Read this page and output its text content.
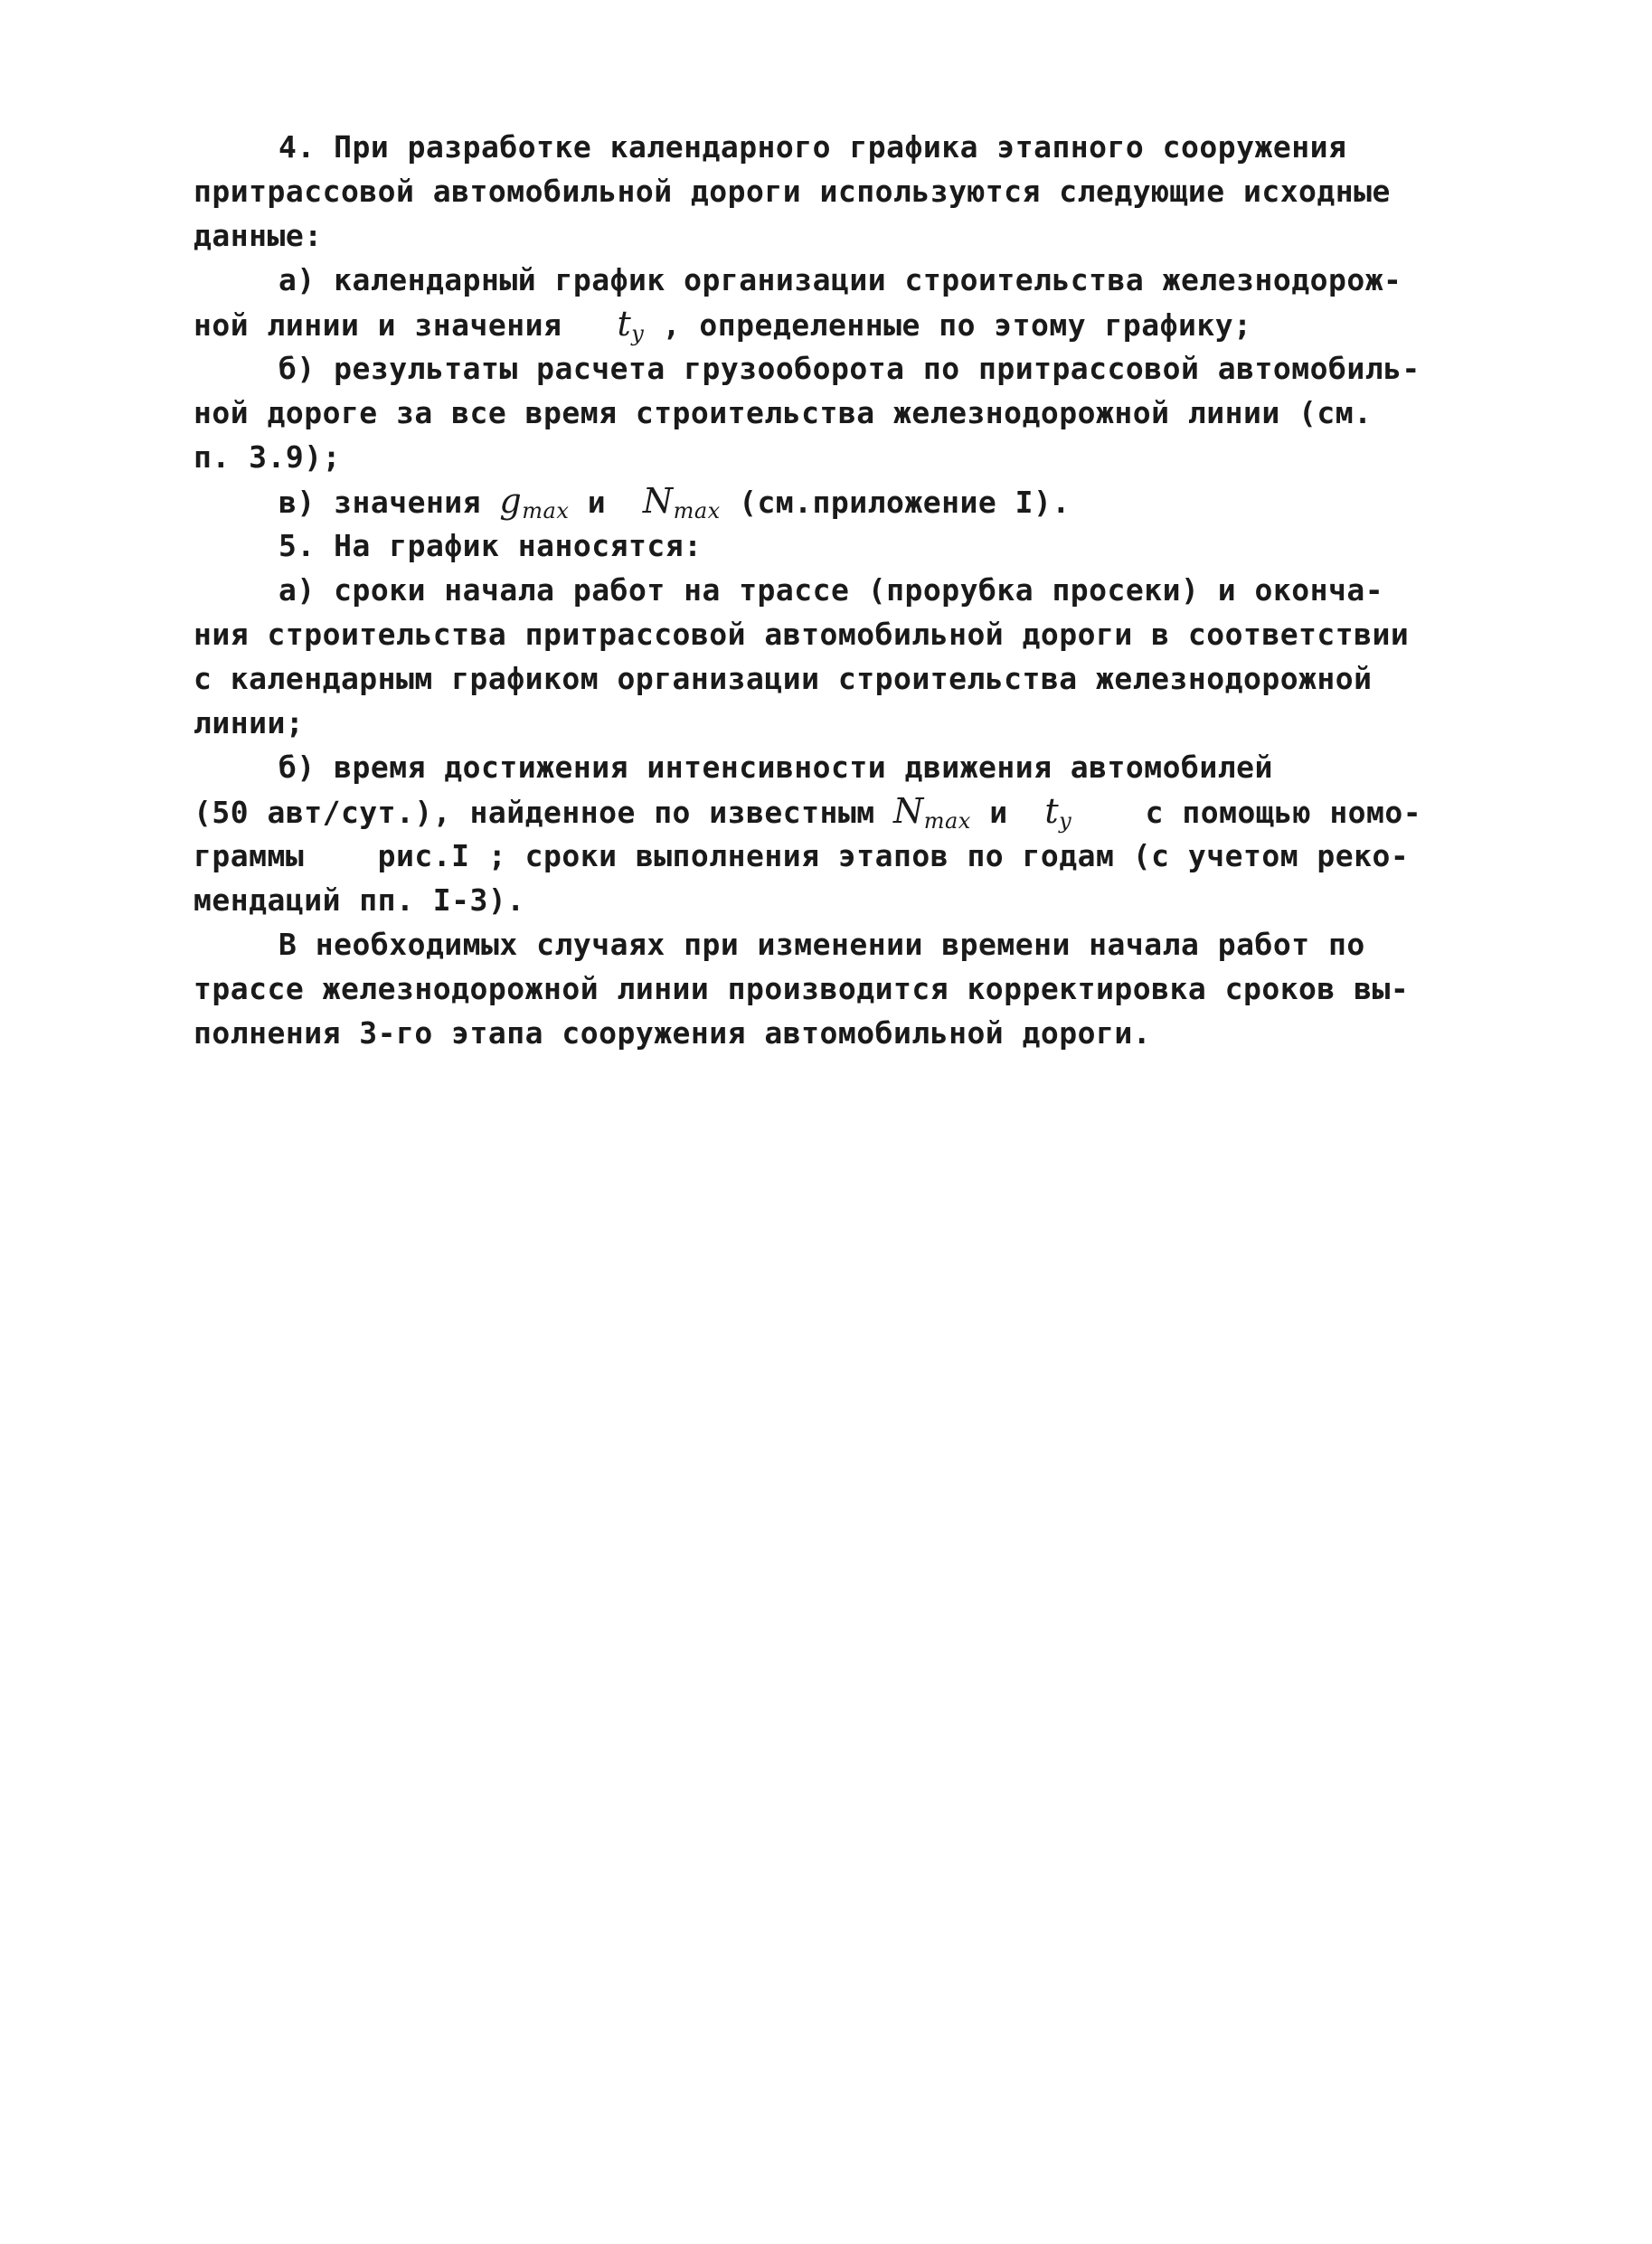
4. При разработке календарного графика этапного сооружения
притрассовой автомобильной дороги используются следующие исходные
данные:
а) календарный график организации строительства железнодорож-
ной линии и значения   $t_y$ , определенные по этому графику;
б) результаты расчета грузооборота по притрассовой автомобиль-
ной дороге за все время строительства железнодорожной линии (см.
п. 3.9);
в) значения $g_{max}$ и  $N_{max}$ (см.приложение I).
5. На график наносятся:
а) сроки начала работ на трассе (прорубка просеки) и оконча-
ния строительства притрассовой автомобильной дороги в соответствии
с календарным графиком организации строительства железнодорожной
линии;
б) время достижения интенсивности движения автомобилей
(50 авт/сут.), найденное по известным $N_{max}$ и  $t_y$    с помощью номо-
граммы    рис.I ; сроки выполнения этапов по годам (с учетом реко-
мендаций пп. I-3).
В необходимых случаях при изменении времени начала работ по
трассе железнодорожной линии производится корректировка сроков вы-
полнения 3-го этапа сооружения автомобильной дороги.
